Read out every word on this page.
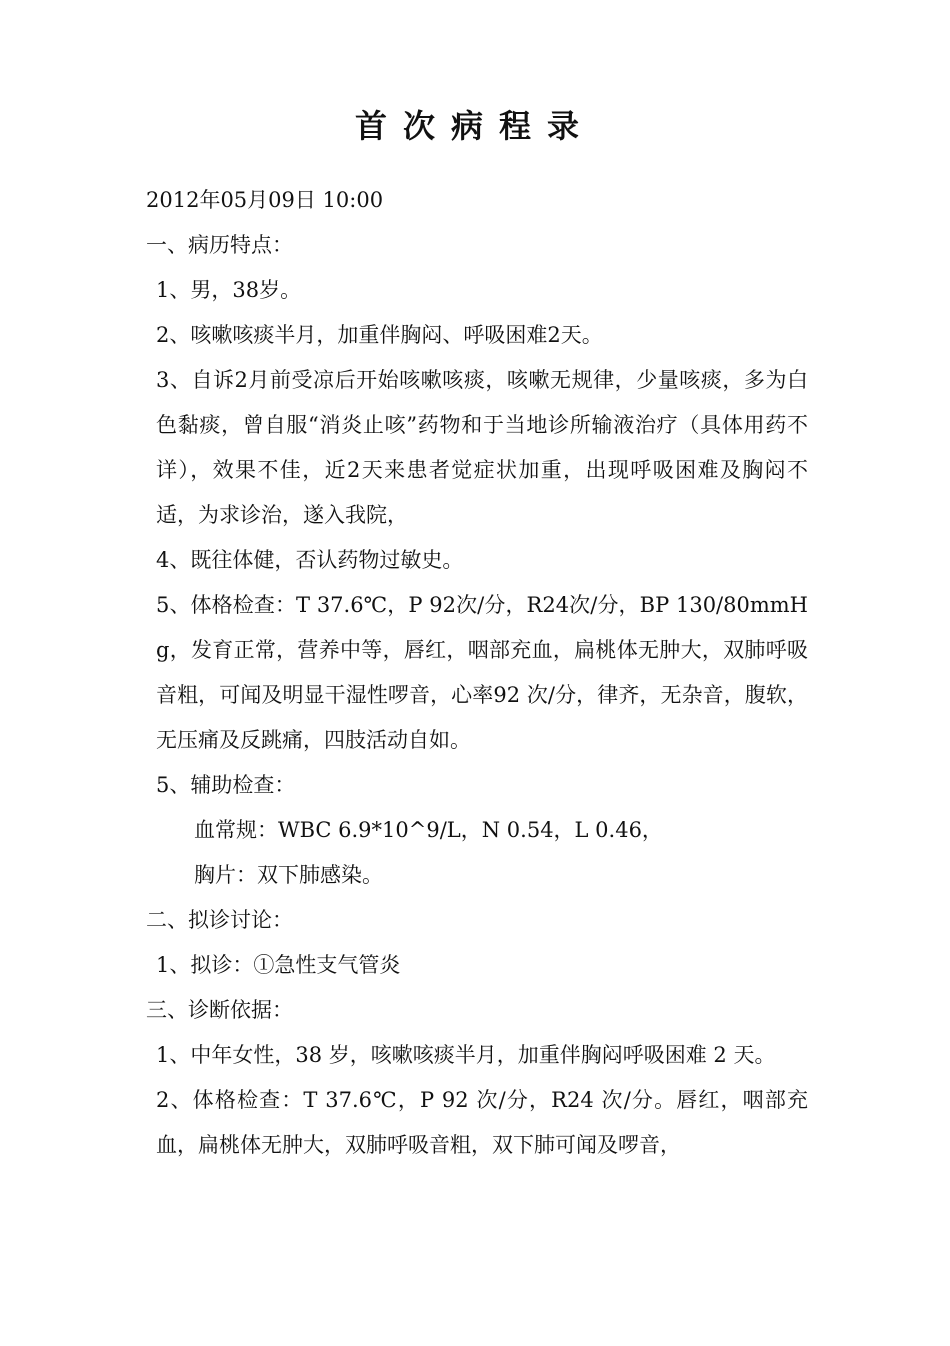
首次病程录

2012年05月09日 10:00

一、病历特点：

1、男，38岁。

2、咳嗽咳痰半月，加重伴胸闷、呼吸困难2天。

3、自诉2月前受凉后开始咳嗽咳痰，咳嗽无规律，少量咳痰，多为白色黏痰，曾自服“消炎止咳”药物和于当地诊所输液治疗（具体用药不详），效果不佳，近2天来患者觉症状加重，出现呼吸困难及胸闷不适，为求诊治，遂入我院，

4、既往体健，否认药物过敏史。

5、体格检查：T 37.6℃，P 92次/分，R24次/分，BP 130/80mmHg，发育正常，营养中等，唇红，咽部充血，扁桃体无肿大，双肺呼吸音粗，可闻及明显干湿性啰音，心率92 次/分，律齐，无杂音，腹软，无压痛及反跳痛，四肢活动自如。

5、辅助检查：

血常规：WBC 6.9*10^9/L，N 0.54，L 0.46，

胸片：双下肺感染。

二、拟诊讨论：

1、拟诊：①急性支气管炎

三、诊断依据：

1、中年女性，38 岁，咳嗽咳痰半月，加重伴胸闷呼吸困难 2 天。

2、体格检查：T 37.6℃，P 92 次/分，R24 次/分。唇红，咽部充血，扁桃体无肿大，双肺呼吸音粗，双下肺可闻及啰音，
